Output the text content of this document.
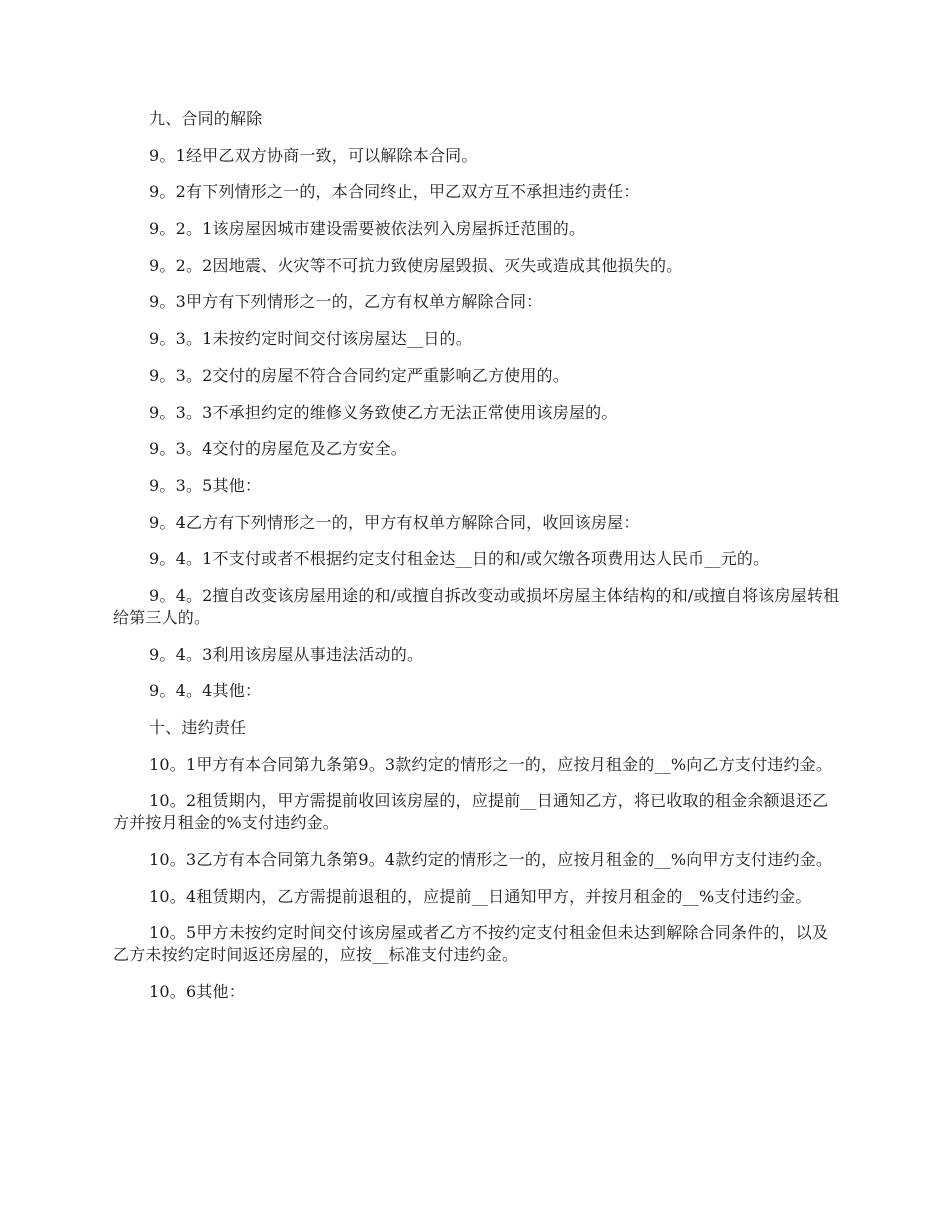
九、合同的解除

9。1经甲乙双方协商一致，可以解除本合同。

9。2有下列情形之一的，本合同终止，甲乙双方互不承担违约责任：

9。2。1该房屋因城市建设需要被依法列入房屋拆迁范围的。

9。2。2因地震、火灾等不可抗力致使房屋毁损、灭失或造成其他损失的。

9。3甲方有下列情形之一的，乙方有权单方解除合同：

9。3。1未按约定时间交付该房屋达__日的。

9。3。2交付的房屋不符合合同约定严重影响乙方使用的。

9。3。3不承担约定的维修义务致使乙方无法正常使用该房屋的。

9。3。4交付的房屋危及乙方安全。

9。3。5其他：

9。4乙方有下列情形之一的，甲方有权单方解除合同，收回该房屋：

9。4。1不支付或者不根据约定支付租金达__日的和/或欠缴各项费用达人民币__元的。

9。4。2擅自改变该房屋用途的和/或擅自拆改变动或损坏房屋主体结构的和/或擅自将该房屋转租给第三人的。

9。4。3利用该房屋从事违法活动的。

9。4。4其他：

十、违约责任

10。1甲方有本合同第九条第9。3款约定的情形之一的，应按月租金的__%向乙方支付违约金。

10。2租赁期内，甲方需提前收回该房屋的，应提前__日通知乙方，将已收取的租金余额退还乙方并按月租金的%支付违约金。

10。3乙方有本合同第九条第9。4款约定的情形之一的，应按月租金的__%向甲方支付违约金。

10。4租赁期内，乙方需提前退租的，应提前__日通知甲方，并按月租金的__%支付违约金。

10。5甲方未按约定时间交付该房屋或者乙方不按约定支付租金但未达到解除合同条件的，以及乙方未按约定时间返还房屋的，应按__标准支付违约金。

10。6其他：
